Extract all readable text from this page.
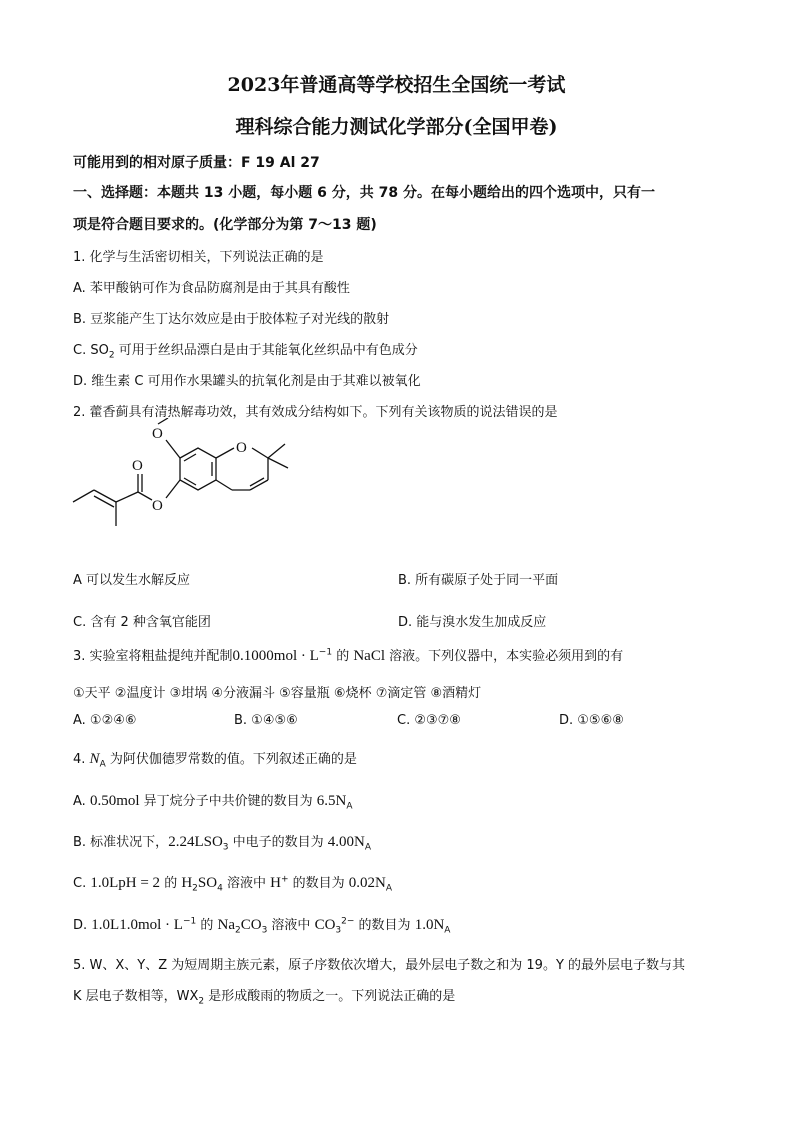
2023年普通高等学校招生全国统一考试
理科综合能力测试化学部分(全国甲卷)
可能用到的相对原子质量：F 19 Al 27
一、选择题：本题共 13 小题，每小题 6 分，共 78 分。在每小题给出的四个选项中，只有一
项是符合题目要求的。(化学部分为第 7～13 题)
1. 化学与生活密切相关，下列说法正确的是
A. 苯甲酸钠可作为食品防腐剂是由于其具有酸性
B. 豆浆能产生丁达尔效应是由于胶体粒子对光线的散射
C. $SO_2$ 可用于丝织品漂白是由于其能氧化丝织品中有色成分
D. 维生素 C 可用作水果罐头的抗氧化剂是由于其难以被氧化
2. 藿香蓟具有清热解毒功效，其有效成分结构如下。下列有关该物质的说法错误的是
O
O
O
O
A 可以发生水解反应	B. 所有碳原子处于同一平面
C. 含有 2 种含氧官能团	D. 能与溴水发生加成反应
3. 实验室将粗盐提纯并配制$0.1000mol \cdot L^{-1}$ 的 NaCl 溶液。下列仪器中，本实验必须用到的有
①天平 ②温度计 ③坩埚 ④分液漏斗 ⑤容量瓶 ⑥烧杯 ⑦滴定管 ⑧酒精灯
A. ①②④⑥	B. ①④⑤⑥	C. ②③⑦⑧	D. ①⑤⑥⑧
4. $N_A$ 为阿伏伽德罗常数的值。下列叙述正确的是
A. 0.50mol 异丁烷分子中共价键的数目为 $6.5N_A$
B. 标准状况下，$2.24LSO_3$ 中电子的数目为 $4.00N_A$
C. 1.0LpH = 2 的 $H_2SO_4$ 溶液中 H+ 的数目为 $0.02N_A$
D. $1.0L1.0mol \cdot L^{-1}$ 的 $Na_2CO_3$ 溶液中 $CO_3^{2-}$ 的数目为 $1.0N_A$
5. W、X、Y、Z 为短周期主族元素，原子序数依次增大，最外层电子数之和为 19。Y 的最外层电子数与其
K 层电子数相等，$WX_2$ 是形成酸雨的物质之一。下列说法正确的是
